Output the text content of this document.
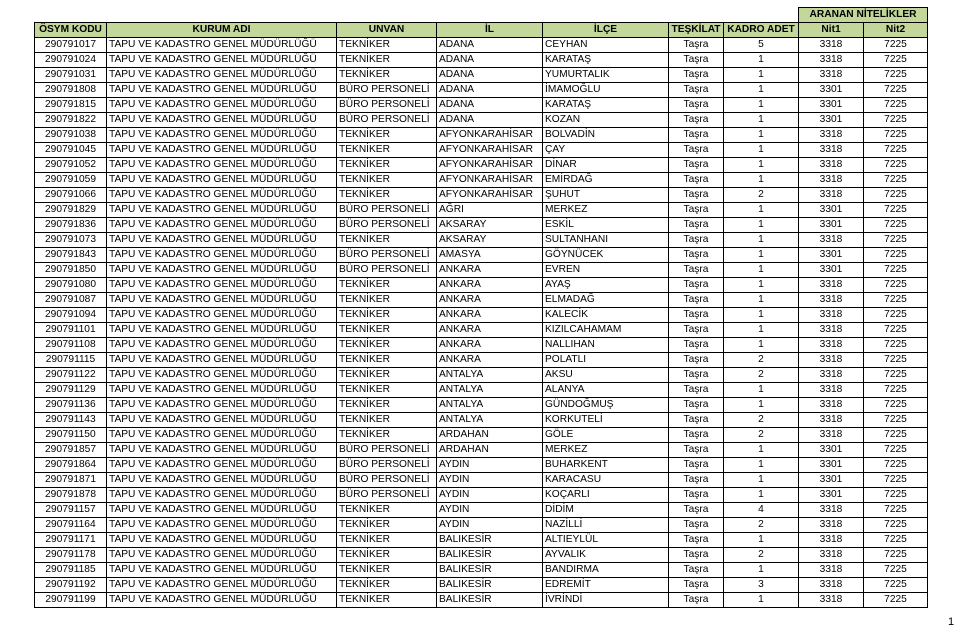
							ARANAN NİTELİKLER	
ÖSYM KODU	KURUM ADI	UNVAN	İL	İLÇE	TEŞKİLAT	KADRO ADET	Nit1	Nit2
290791017	TAPU VE KADASTRO GENEL MÜDÜRLÜĞÜ	TEKNİKER	ADANA	CEYHAN	Taşra	5	3318	7225
290791024	TAPU VE KADASTRO GENEL MÜDÜRLÜĞÜ	TEKNİKER	ADANA	KARATAŞ	Taşra	1	3318	7225
290791031	TAPU VE KADASTRO GENEL MÜDÜRLÜĞÜ	TEKNİKER	ADANA	YUMURTALIK	Taşra	1	3318	7225
290791808	TAPU VE KADASTRO GENEL MÜDÜRLÜĞÜ	BÜRO PERSONELİ	ADANA	İMAMOĞLU	Taşra	1	3301	7225
290791815	TAPU VE KADASTRO GENEL MÜDÜRLÜĞÜ	BÜRO PERSONELİ	ADANA	KARATAŞ	Taşra	1	3301	7225
290791822	TAPU VE KADASTRO GENEL MÜDÜRLÜĞÜ	BÜRO PERSONELİ	ADANA	KOZAN	Taşra	1	3301	7225
290791038	TAPU VE KADASTRO GENEL MÜDÜRLÜĞÜ	TEKNİKER	AFYONKARAHİSAR	BOLVADİN	Taşra	1	3318	7225
290791045	TAPU VE KADASTRO GENEL MÜDÜRLÜĞÜ	TEKNİKER	AFYONKARAHİSAR	ÇAY	Taşra	1	3318	7225
290791052	TAPU VE KADASTRO GENEL MÜDÜRLÜĞÜ	TEKNİKER	AFYONKARAHİSAR	DİNAR	Taşra	1	3318	7225
290791059	TAPU VE KADASTRO GENEL MÜDÜRLÜĞÜ	TEKNİKER	AFYONKARAHİSAR	EMİRDAĞ	Taşra	1	3318	7225
290791066	TAPU VE KADASTRO GENEL MÜDÜRLÜĞÜ	TEKNİKER	AFYONKARAHİSAR	ŞUHUT	Taşra	2	3318	7225
290791829	TAPU VE KADASTRO GENEL MÜDÜRLÜĞÜ	BÜRO PERSONELİ	AĞRI	MERKEZ	Taşra	1	3301	7225
290791836	TAPU VE KADASTRO GENEL MÜDÜRLÜĞÜ	BÜRO PERSONELİ	AKSARAY	ESKİL	Taşra	1	3301	7225
290791073	TAPU VE KADASTRO GENEL MÜDÜRLÜĞÜ	TEKNİKER	AKSARAY	SULTANHANI	Taşra	1	3318	7225
290791843	TAPU VE KADASTRO GENEL MÜDÜRLÜĞÜ	BÜRO PERSONELİ	AMASYA	GÖYNÜCEK	Taşra	1	3301	7225
290791850	TAPU VE KADASTRO GENEL MÜDÜRLÜĞÜ	BÜRO PERSONELİ	ANKARA	EVREN	Taşra	1	3301	7225
290791080	TAPU VE KADASTRO GENEL MÜDÜRLÜĞÜ	TEKNİKER	ANKARA	AYAŞ	Taşra	1	3318	7225
290791087	TAPU VE KADASTRO GENEL MÜDÜRLÜĞÜ	TEKNİKER	ANKARA	ELMADAĞ	Taşra	1	3318	7225
290791094	TAPU VE KADASTRO GENEL MÜDÜRLÜĞÜ	TEKNİKER	ANKARA	KALECİK	Taşra	1	3318	7225
290791101	TAPU VE KADASTRO GENEL MÜDÜRLÜĞÜ	TEKNİKER	ANKARA	KIZILCAHAMAM	Taşra	1	3318	7225
290791108	TAPU VE KADASTRO GENEL MÜDÜRLÜĞÜ	TEKNİKER	ANKARA	NALLIHAN	Taşra	1	3318	7225
290791115	TAPU VE KADASTRO GENEL MÜDÜRLÜĞÜ	TEKNİKER	ANKARA	POLATLI	Taşra	2	3318	7225
290791122	TAPU VE KADASTRO GENEL MÜDÜRLÜĞÜ	TEKNİKER	ANTALYA	AKSU	Taşra	2	3318	7225
290791129	TAPU VE KADASTRO GENEL MÜDÜRLÜĞÜ	TEKNİKER	ANTALYA	ALANYA	Taşra	1	3318	7225
290791136	TAPU VE KADASTRO GENEL MÜDÜRLÜĞÜ	TEKNİKER	ANTALYA	GÜNDOĞMUŞ	Taşra	1	3318	7225
290791143	TAPU VE KADASTRO GENEL MÜDÜRLÜĞÜ	TEKNİKER	ANTALYA	KORKUTELİ	Taşra	2	3318	7225
290791150	TAPU VE KADASTRO GENEL MÜDÜRLÜĞÜ	TEKNİKER	ARDAHAN	GÖLE	Taşra	2	3318	7225
290791857	TAPU VE KADASTRO GENEL MÜDÜRLÜĞÜ	BÜRO PERSONELİ	ARDAHAN	MERKEZ	Taşra	1	3301	7225
290791864	TAPU VE KADASTRO GENEL MÜDÜRLÜĞÜ	BÜRO PERSONELİ	AYDIN	BUHARKENT	Taşra	1	3301	7225
290791871	TAPU VE KADASTRO GENEL MÜDÜRLÜĞÜ	BÜRO PERSONELİ	AYDIN	KARACASU	Taşra	1	3301	7225
290791878	TAPU VE KADASTRO GENEL MÜDÜRLÜĞÜ	BÜRO PERSONELİ	AYDIN	KOÇARLI	Taşra	1	3301	7225
290791157	TAPU VE KADASTRO GENEL MÜDÜRLÜĞÜ	TEKNİKER	AYDIN	DİDİM	Taşra	4	3318	7225
290791164	TAPU VE KADASTRO GENEL MÜDÜRLÜĞÜ	TEKNİKER	AYDIN	NAZİLLİ	Taşra	2	3318	7225
290791171	TAPU VE KADASTRO GENEL MÜDÜRLÜĞÜ	TEKNİKER	BALIKESİR	ALTIEYLÜL	Taşra	1	3318	7225
290791178	TAPU VE KADASTRO GENEL MÜDÜRLÜĞÜ	TEKNİKER	BALIKESİR	AYVALIK	Taşra	2	3318	7225
290791185	TAPU VE KADASTRO GENEL MÜDÜRLÜĞÜ	TEKNİKER	BALIKESİR	BANDIRMA	Taşra	1	3318	7225
290791192	TAPU VE KADASTRO GENEL MÜDÜRLÜĞÜ	TEKNİKER	BALIKESİR	EDREMİT	Taşra	3	3318	7225
290791199	TAPU VE KADASTRO GENEL MÜDÜRLÜĞÜ	TEKNİKER	BALIKESİR	İVRİNDİ	Taşra	1	3318	7225
1
